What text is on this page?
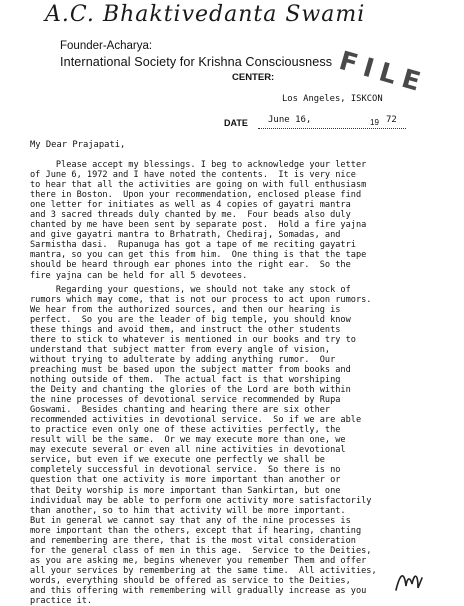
A.C. Bhaktivedanta Swami
Founder-Acharya:
International Society for Krishna Consciousness
CENTER: FILE
Los Angeles, ISKCON
DATE June 16,	19 72
My Dear Prajapati,
Please accept my blessings. I beg to acknowledge your letter
of June 6, 1972 and I have noted the contents.  It is very nice
to hear that all the activities are going on with full enthusiasm
there in Boston.  Upon your recommendation, enclosed please find
one letter for initiates as well as 4 copies of gayatri mantra
and 3 sacred threads duly chanted by me.  Four beads also duly
chanted by me have been sent by separate post.  Hold a fire yajna
and give gayatri mantra to Brhatrath, Chediraj, Somadas, and
Sarmistha dasi.  Rupanuga has got a tape of me reciting gayatri
mantra, so you can get this from him.  One thing is that the tape
should be heard through ear phones into the right ear.  So the
fire yajna can be held for all 5 devotees.
Regarding your questions, we should not take any stock of
rumors which may come, that is not our process to act upon rumors.
We hear from the authorized sources, and then our hearing is
perfect.  So you are the leader of big temple, you should know
these things and avoid them, and instruct the other students
there to stick to whatever is mentioned in our books and try to
understand that subject matter from every angle of vision,
without trying to adulterate by adding anything rumor.  Our
preaching must be based upon the subject matter from books and
nothing outside of them.  The actual fact is that worshiping
the Deity and chanting the glories of the Lord are both within
the nine processes of devotional service recommended by Rupa
Goswami.  Besides chanting and hearing there are six other
recommended activities in devotional service.  So if we are able
to practice even only one of these activities perfectly, the
result will be the same.  Or we may execute more than one, we
may execute several or even all nine activities in devotional
service, but even if we execute one perfectly we shall be
completely successful in devotional service.  So there is no
question that one activity is more important than another or
that Deity worship is more important than Sankirtan, but one
individual may be able to perform one activity more satisfactorily
than another, so to him that activity will be more important.
But in general we cannot say that any of the nine processes is
more important than the others, except that if hearing, chanting
and remembering are there, that is the most vital consideration
for the general class of men in this age.  Service to the Deities,
as you are asking me, begins whenever you remember Them and offer
all your services by remembering at the same time.  All activities,
words, everything should be offered as service to the Deities,
and this offering with remembering will gradually increase as you
practice it.
